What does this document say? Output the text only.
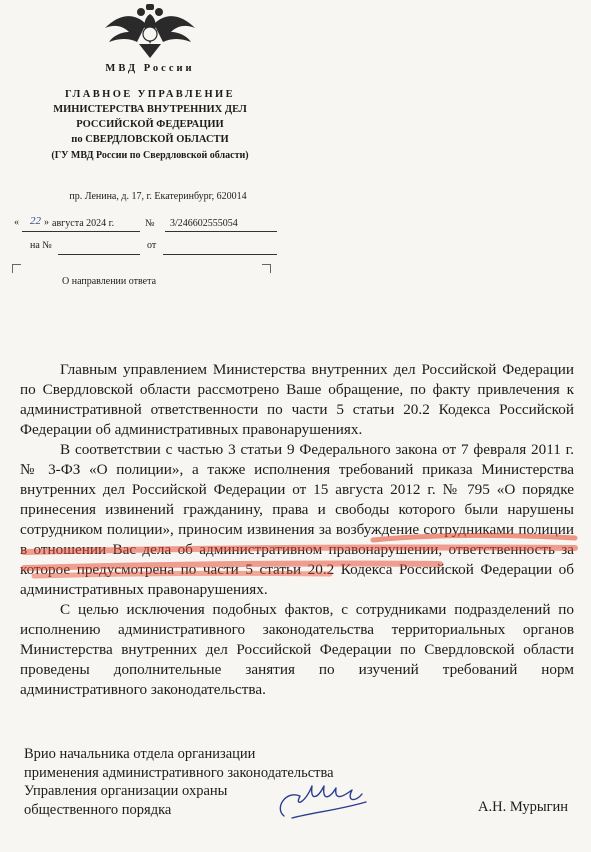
МВД России
ГЛАВНОЕ УПРАВЛЕНИЕ
МИНИСТЕРСТВА ВНУТРЕННИХ ДЕЛ
РОССИЙСКОЙ ФЕДЕРАЦИИ
по СВЕРДЛОВСКОЙ ОБЛАСТИ
(ГУ МВД России по Свердловской области)
пр. Ленина, д. 17, г. Екатеринбург, 620014
« 22 » августа 2024 г.	№ 3/246602555054
на №	от
О направлении ответа

Главным управлением Министерства внутренних дел Российской Федерации по Свердловской области рассмотрено Ваше обращение, по факту привлечения к административной ответственности по части 5 статьи 20.2 Кодекса Российской Федерации об административных правонарушениях.

В соответствии с частью 3 статьи 9 Федерального закона от 7 февраля 2011 г. № 3-ФЗ «О полиции», а также исполнения требований приказа Министерства внутренних дел Российской Федерации от 15 августа 2012 г. № 795 «О порядке принесения извинений гражданину, права и свободы которого были нарушены сотрудником полиции», приносим извинения за возбуждение сотрудниками полиции в отношении Вас дела об административном правонарушении, ответственность за которое предусмотрена по части 5 статьи 20.2 Кодекса Российской Федерации об административных правонарушениях.

С целью исключения подобных фактов, с сотрудниками подразделений по исполнению административного законодательства территориальных органов Министерства внутренних дел Российской Федерации по Свердловской области проведены дополнительные занятия по изучений требований норм административного законодательства.

Врио начальника отдела организации
применения административного законодательства
Управления организации охраны
общественного порядка	А.Н. Мурыгин
